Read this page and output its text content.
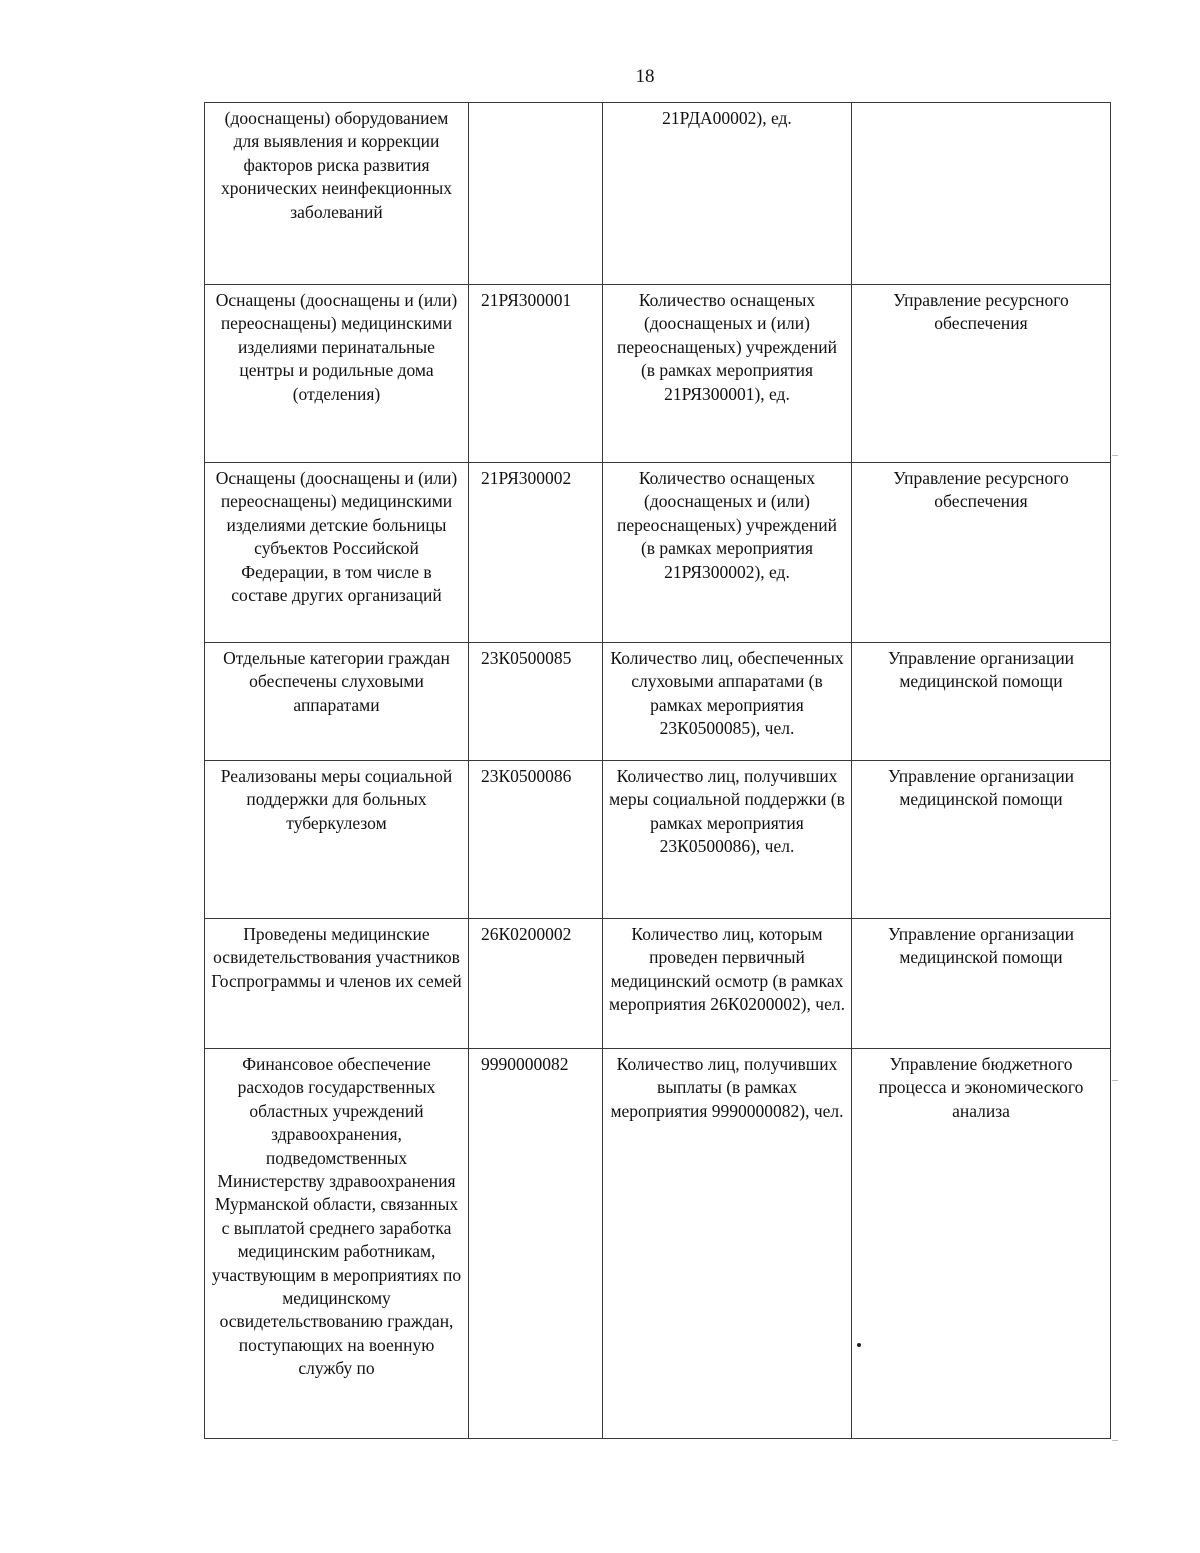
18
(дооснащены) оборудованием для выявления и коррекции факторов риска развития хронических неинфекционных заболеваний		21РДА00002), ед.	
Оснащены (дооснащены и (или) переоснащены) медицинскими изделиями перинатальные центры и родильные дома (отделения)	21РЯ300001	Количество оснащеных (дооснащеных и (или) переоснащеных) учреждений (в рамках мероприятия 21РЯ300001), ед.	Управление ресурсного обеспечения
Оснащены (дооснащены и (или) переоснащены) медицинскими изделиями детские больницы субъектов Российской Федерации, в том числе в составе других организаций	21РЯ300002	Количество оснащеных (дооснащеных и (или) переоснащеных) учреждений (в рамках мероприятия 21РЯ300002), ед.	Управление ресурсного обеспечения
Отдельные категории граждан обеспечены слуховыми аппаратами	23К0500085	Количество лиц, обеспеченных слуховыми аппаратами (в рамках мероприятия 23К0500085), чел.	Управление организации медицинской помощи
Реализованы меры социальной поддержки для больных туберкулезом	23К0500086	Количество лиц, получивших меры социальной поддержки (в рамках мероприятия 23К0500086), чел.	Управление организации медицинской помощи
Проведены медицинские освидетельствования участников Госпрограммы и членов их семей	26К0200002	Количество лиц, которым проведен первичный медицинский осмотр (в рамках мероприятия 26К0200002), чел.	Управление организации медицинской помощи
Финансовое обеспечение расходов государственных областных учреждений здравоохранения, подведомственных Министерству здравоохранения Мурманской области, связанных с выплатой среднего заработка медицинским работникам, участвующим в мероприятиях по медицинскому освидетельствованию граждан, поступающих на военную службу по	9990000082	Количество лиц, получивших выплаты (в рамках мероприятия 9990000082), чел.	Управление бюджетного процесса и экономического анализа
